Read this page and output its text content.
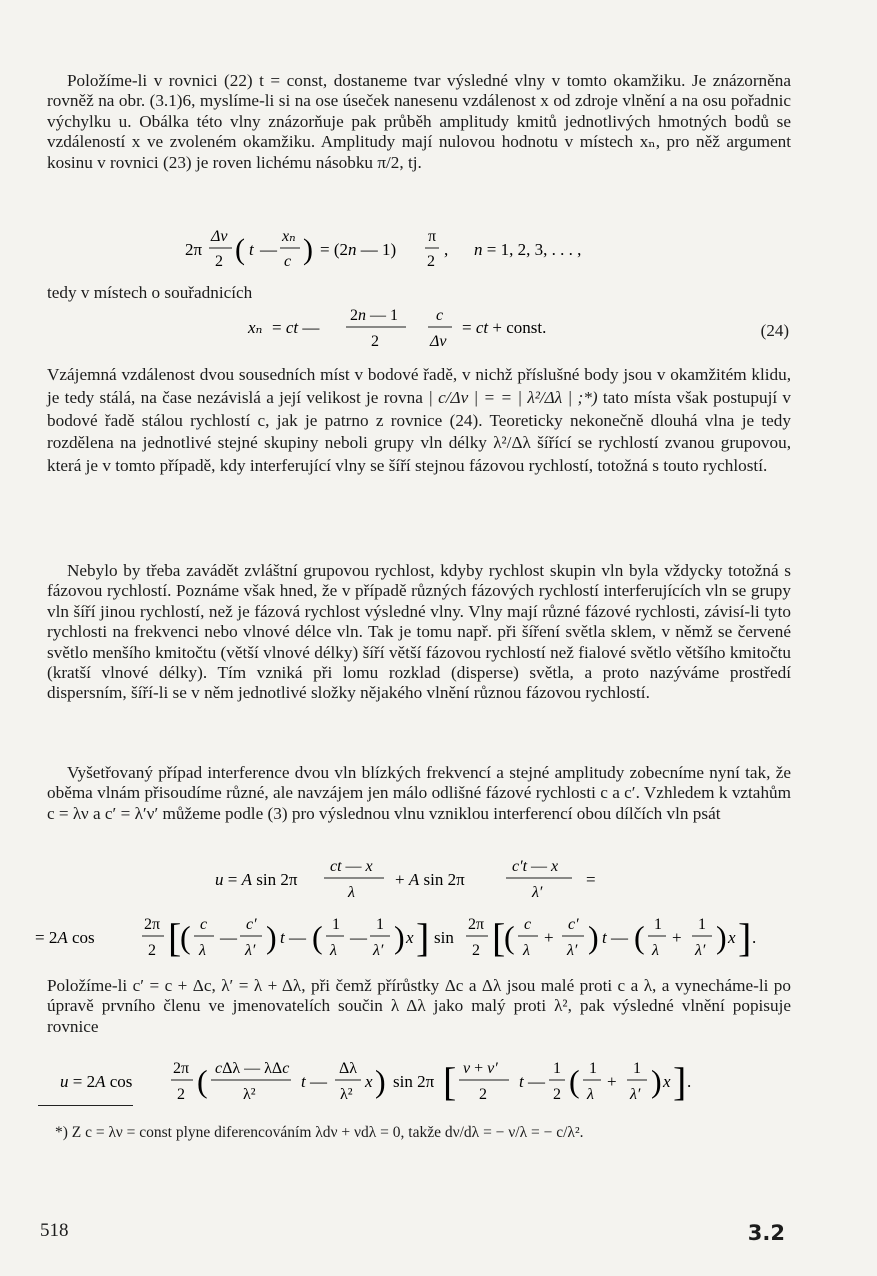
Položíme-li v rovnici (22) t = const, dostaneme tvar výsledné vlny v tomto okamžiku. Je znázorněna rovněž na obr. (3.1)6, myslíme-li si na ose úseček nanesenu vzdálenost x od zdroje vlnění a na osu pořadnic výchylku u. Obálka této vlny znázorňuje pak průběh amplitudy kmitů jednotlivých hmotných bodů se vzdáleností x ve zvoleném okamžiku. Amplitudy mají nulovou hodnotu v místech xₙ, pro něž argument kosinu v rovnici (23) je roven lichému násobku π/2, tj.

2π
Δν
2 ( t —
xₙ
c ) = (2n — 1)
π
2
, n = 1, 2, 3, . . . ,

tedy v místech o souřadnicích

xₙ = ct —
2n — 1
2
c
Δν
= ct + const.	(24)

Vzájemná vzdálenost dvou sousedních míst v bodové řadě, v nichž příslušné body jsou v okamžitém klidu, je tedy stálá, na čase nezávislá a její velikost je rovna | c/Δν | = = | λ²/Δλ | ;*) tato místa však postupují v bodové řadě stálou rychlostí c, jak je patrno z rovnice (24). Teoreticky nekonečně dlouhá vlna je tedy rozdělena na jednotlivé stejné skupiny neboli grupy vln délky λ²/Δλ šířící se rychlostí zvanou grupovou, která je v tomto případě, kdy interferující vlny se šíří stejnou fázovou rychlostí, totožná s touto rychlostí.

Nebylo by třeba zavádět zvláštní grupovou rychlost, kdyby rychlost skupin vln byla vždycky totožná s fázovou rychlostí. Poznáme však hned, že v případě různých fázových rychlostí interferujících vln se grupy vln šíří jinou rychlostí, než je fázová rychlost výsledné vlny. Vlny mají různé fázové rychlosti, závisí-li tyto rychlosti na frekvenci nebo vlnové délce vln. Tak je tomu např. při šíření světla sklem, v němž se červené světlo menšího kmitočtu (větší vlnové délky) šíří větší fázovou rychlostí než fialové světlo většího kmitočtu (kratší vlnové délky). Tím vzniká při lomu rozklad (disperse) světla, a proto nazýváme prostředí dispersním, šíří-li se v něm jednotlivé složky nějakého vlnění různou fázovou rychlostí.

Vyšetřovaný případ interference dvou vln blízkých frekvencí a stejné amplitudy zobecníme nyní tak, že oběma vlnám přisoudíme různé, ale navzájem jen málo odlišné fázové rychlosti c a c′. Vzhledem k vztahům c = λν a c′ = λ′ν′ můžeme podle (3) pro výslednou vlnu vzniklou interferencí obou dílčích vln psát

u = A sin 2π
ct — x
λ
+ A sin 2π
c′t — x
λ′
=
= 2A cos
2π
2 [
( c
λ
—
c′
λ′ ) t — ( 1
λ
—
1
λ′ ) x ] sin
2π
2 [
( c
λ
+
c′
λ′ ) t — ( 1
λ
+
1
λ′ ) x ] .

Položíme-li c′ = c + Δc, λ′ = λ + Δλ, při čemž přírůstky Δc a Δλ jsou malé proti c a λ, a vynecháme-li po úpravě prvního členu ve jmenovatelích součin λ Δλ jako malý proti λ², pak výsledné vlnění popisuje rovnice

u = 2A cos
2π
2 ( cΔλ — λΔc
λ²
t —
Δλ
λ²
x ) sin 2π [ ν + ν′
2
t —
1
2 ( 1
λ
+
1
λ′ ) x ] .
*) Z c = λν = const plyne diferencováním λdν + νdλ = 0, takže dν/dλ = − ν/λ = − c/λ².
518	3.2
